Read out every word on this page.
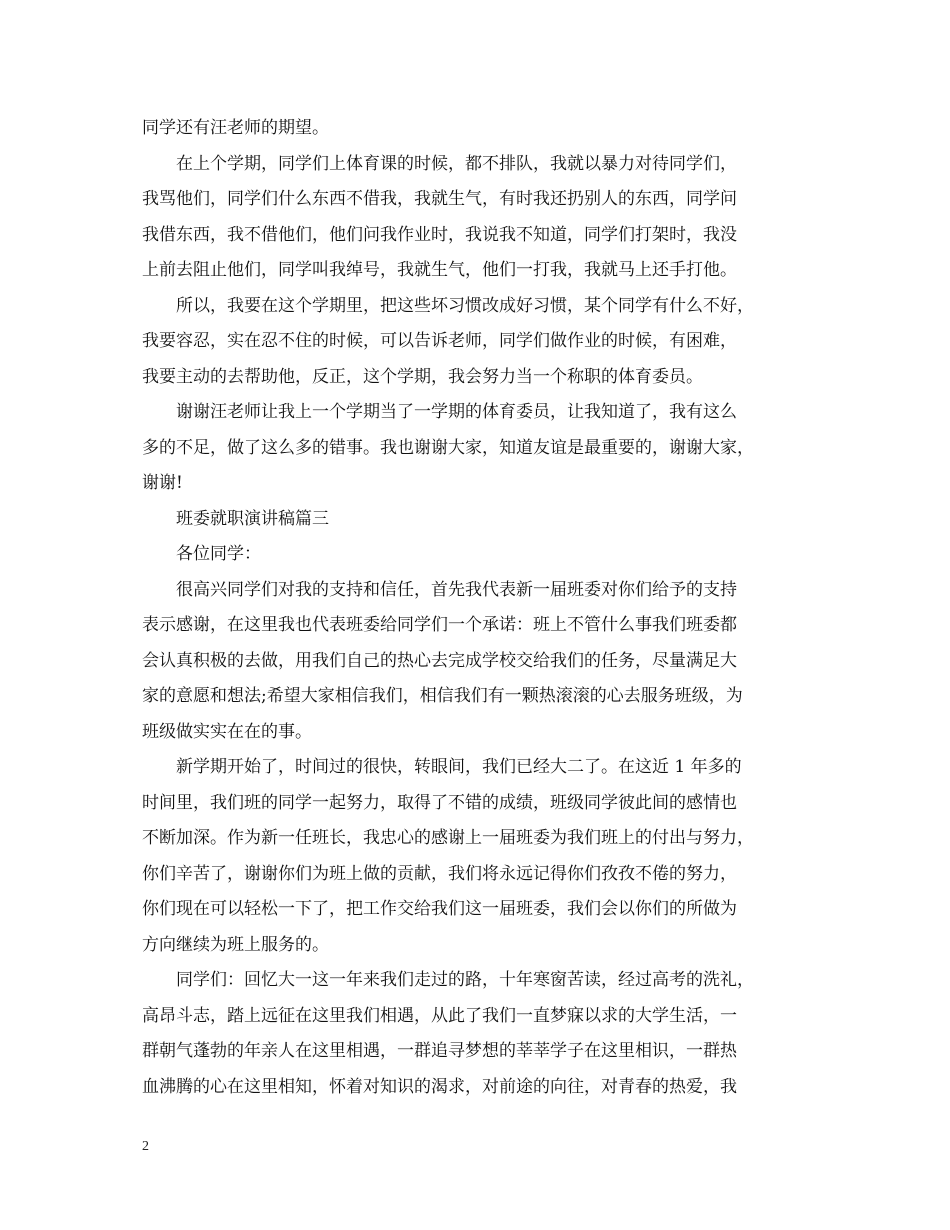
同学还有汪老师的期望。
在上个学期，同学们上体育课的时候，都不排队，我就以暴力对待同学们，
我骂他们，同学们什么东西不借我，我就生气，有时我还扔别人的东西，同学问
我借东西，我不借他们，他们问我作业时，我说我不知道，同学们打架时，我没
上前去阻止他们，同学叫我绰号，我就生气，他们一打我，我就马上还手打他。
所以，我要在这个学期里，把这些坏习惯改成好习惯，某个同学有什么不好，
我要容忍，实在忍不住的时候，可以告诉老师，同学们做作业的时候，有困难，
我要主动的去帮助他，反正，这个学期，我会努力当一个称职的体育委员。
谢谢汪老师让我上一个学期当了一学期的体育委员，让我知道了，我有这么
多的不足，做了这么多的错事。我也谢谢大家，知道友谊是最重要的，谢谢大家，
谢谢!
班委就职演讲稿篇三
各位同学：
很高兴同学们对我的支持和信任，首先我代表新一届班委对你们给予的支持
表示感谢，在这里我也代表班委给同学们一个承诺：班上不管什么事我们班委都
会认真积极的去做，用我们自己的热心去完成学校交给我们的任务，尽量满足大
家的意愿和想法;希望大家相信我们，相信我们有一颗热滚滚的心去服务班级，为
班级做实实在在的事。
新学期开始了，时间过的很快，转眼间，我们已经大二了。在这近 1 年多的
时间里，我们班的同学一起努力，取得了不错的成绩，班级同学彼此间的感情也
不断加深。作为新一任班长，我忠心的感谢上一届班委为我们班上的付出与努力，
你们辛苦了，谢谢你们为班上做的贡献，我们将永远记得你们孜孜不倦的努力，
你们现在可以轻松一下了，把工作交给我们这一届班委，我们会以你们的所做为
方向继续为班上服务的。
同学们：回忆大一这一年来我们走过的路，十年寒窗苦读，经过高考的洗礼，
高昂斗志，踏上远征在这里我们相遇，从此了我们一直梦寐以求的大学生活，一
群朝气蓬勃的年亲人在这里相遇，一群追寻梦想的莘莘学子在这里相识，一群热
血沸腾的心在这里相知，怀着对知识的渴求，对前途的向往，对青春的热爱，我
2
